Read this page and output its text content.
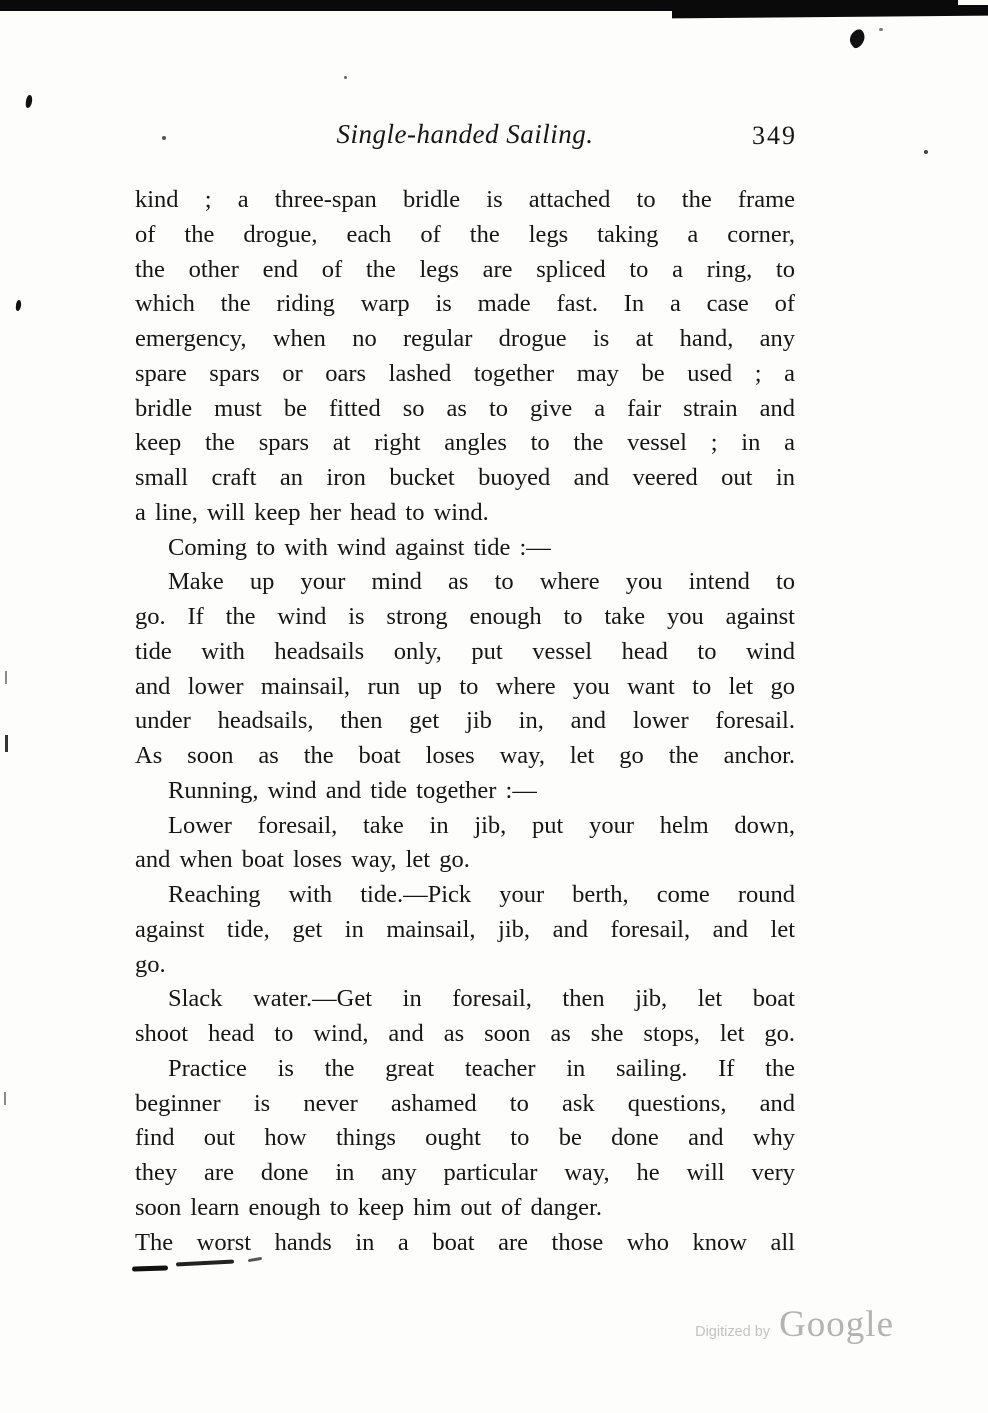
Single-handed Sailing.	349
kind ; a three-span bridle is attached to the frame
of the drogue, each of the legs taking a corner,
the other end of the legs are spliced to a ring, to
which the riding warp is made fast. In a case of
emergency, when no regular drogue is at hand, any
spare spars or oars lashed together may be used ; a
bridle must be fitted so as to give a fair strain and
keep the spars at right angles to the vessel ; in a
small craft an iron bucket buoyed and veered out in
a line, will keep her head to wind.
Coming to with wind against tide :—
Make up your mind as to where you intend to
go. If the wind is strong enough to take you against
tide with headsails only, put vessel head to wind
and lower mainsail, run up to where you want to let go
under headsails, then get jib in, and lower foresail.
As soon as the boat loses way, let go the anchor.
Running, wind and tide together :—
Lower foresail, take in jib, put your helm down,
and when boat loses way, let go.
Reaching with tide.—Pick your berth, come round
against tide, get in mainsail, jib, and foresail, and let
go.
Slack water.—Get in foresail, then jib, let boat
shoot head to wind, and as soon as she stops, let go.
Practice is the great teacher in sailing. If the
beginner is never ashamed to ask questions, and
find out how things ought to be done and why
they are done in any particular way, he will very
soon learn enough to keep him out of danger.
The worst hands in a boat are those who know all
Digitized by Google
